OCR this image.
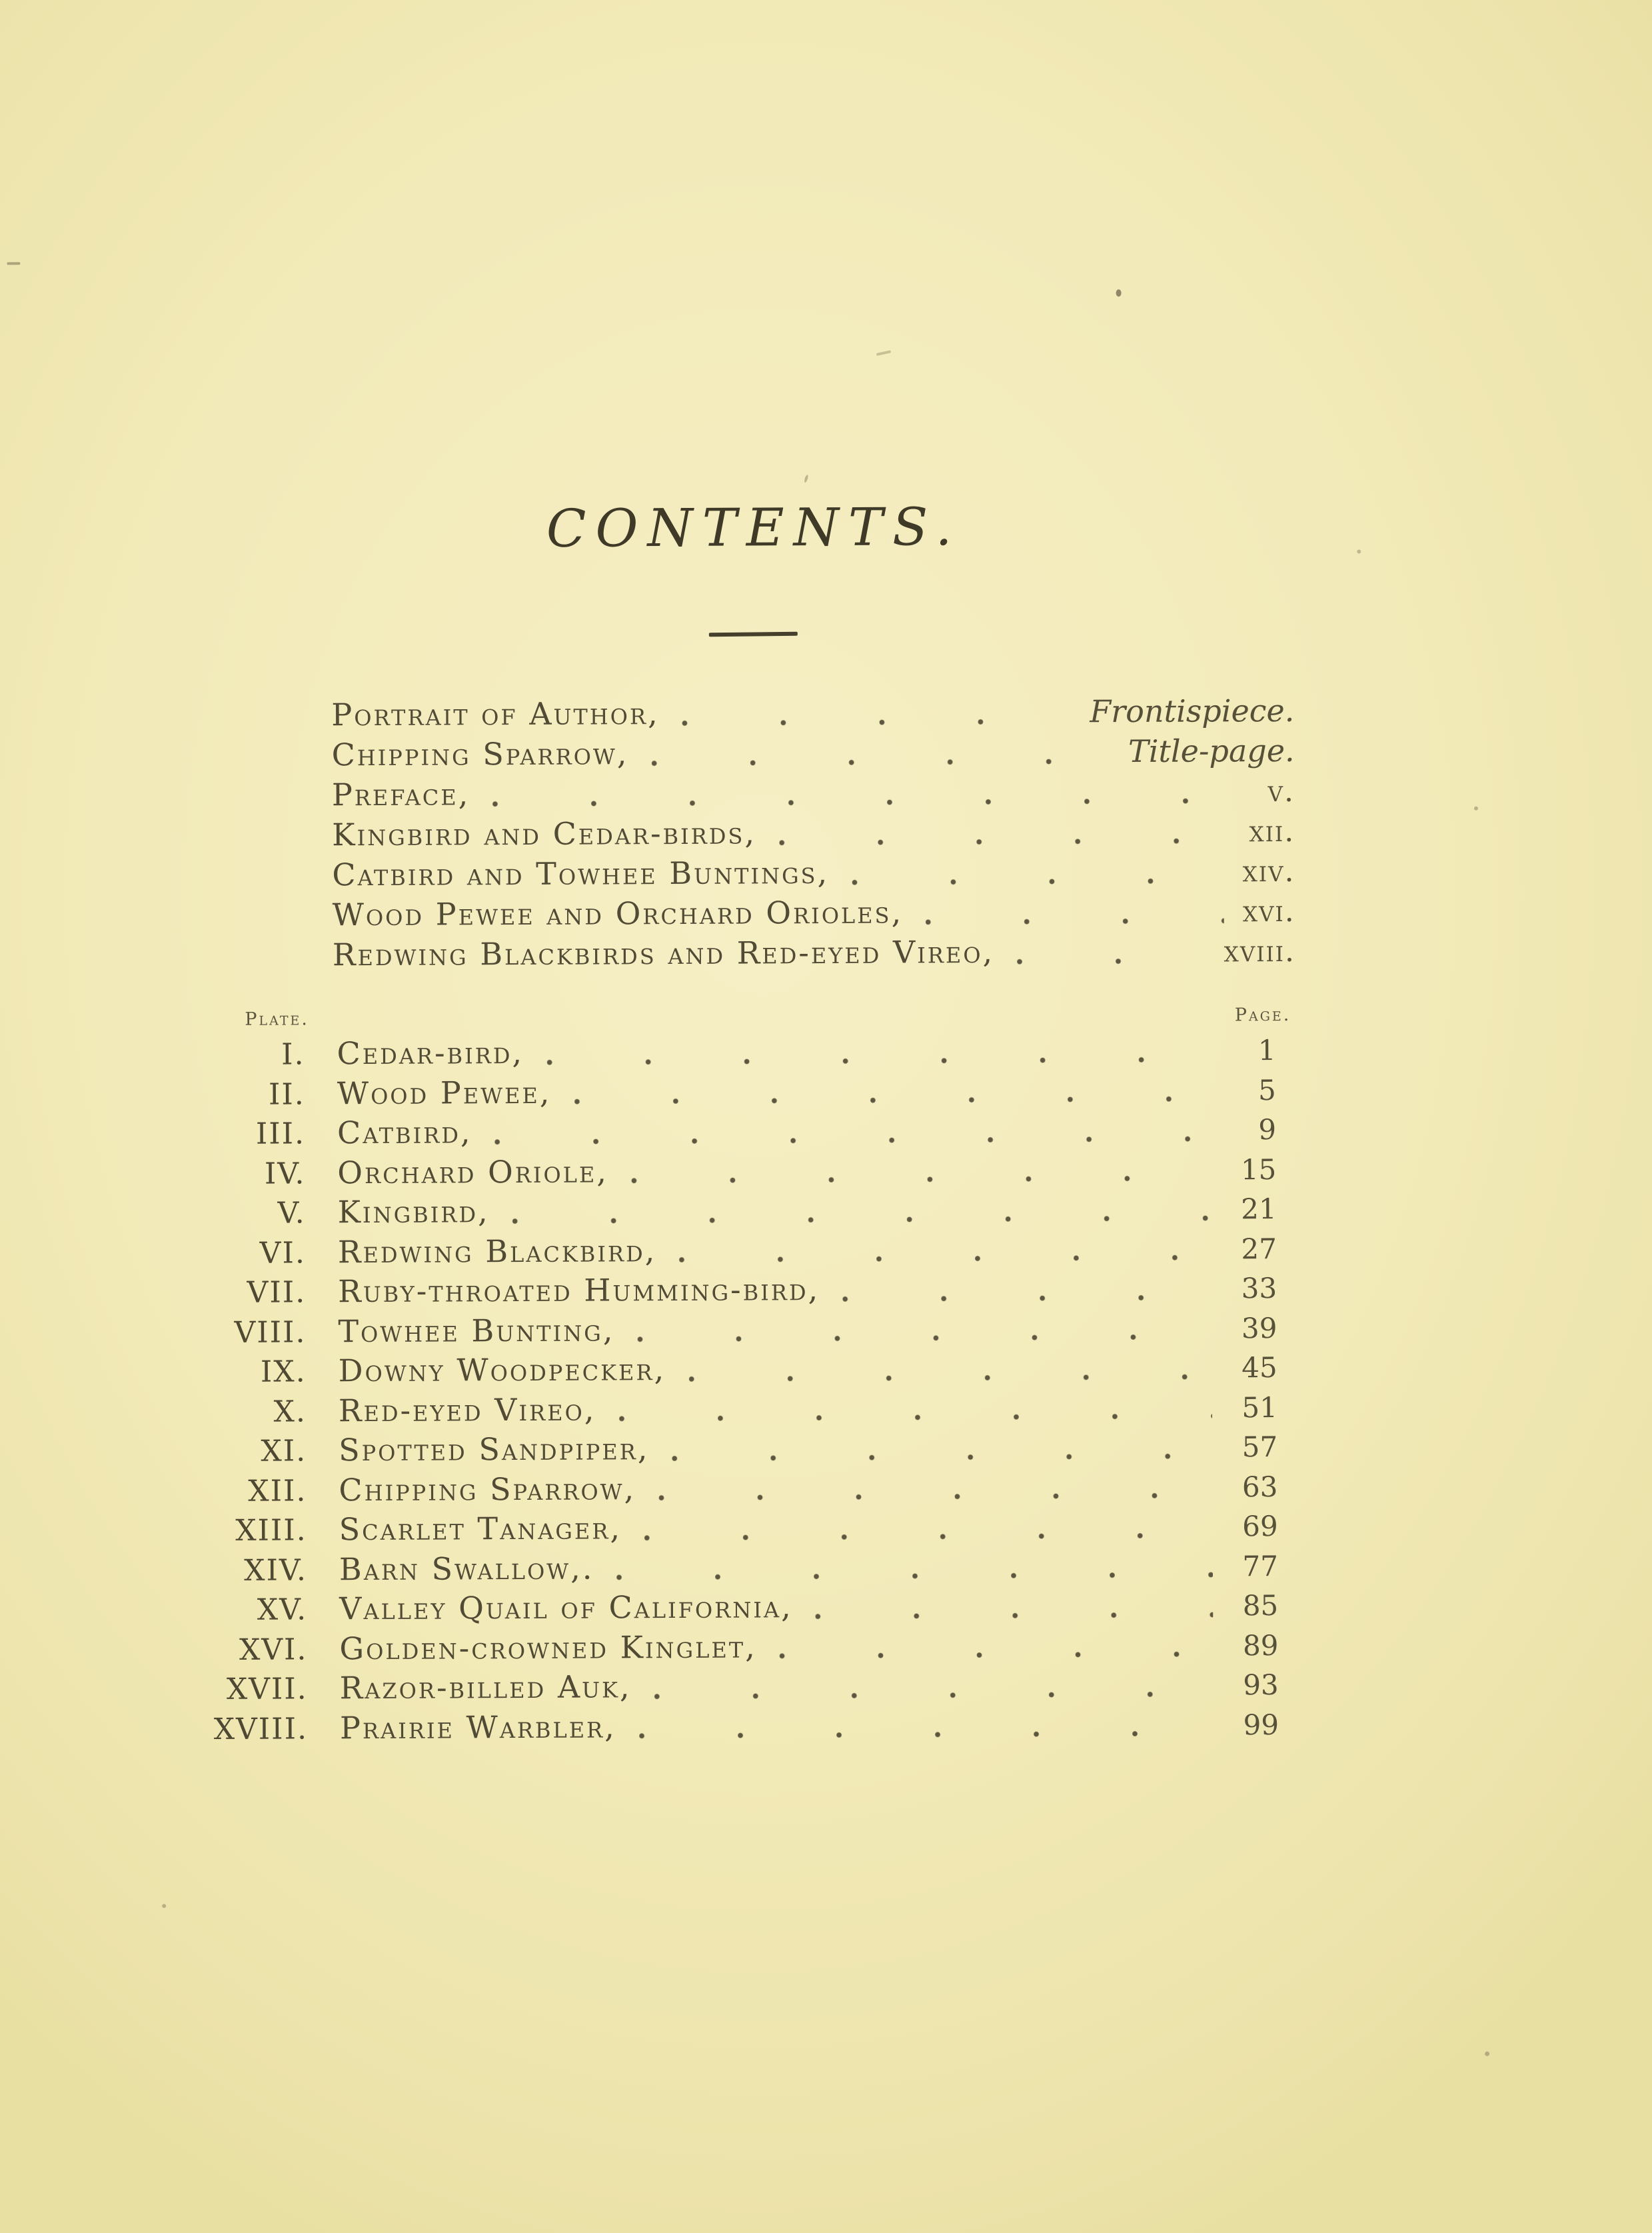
CONTENTS.
Portrait of Author,	Frontispiece.
Chipping Sparrow,	Title-page.
Preface,	v.
Kingbird and Cedar-birds,	xii.
Catbird and Towhee Buntings,	xiv.
Wood Pewee and Orchard Orioles,	xvi.
Redwing Blackbirds and Red-eyed Vireo,	xviii.
Plate.	Page.
I. Cedar-bird,	1
II. Wood Pewee,	5
III. Catbird,	9
IV. Orchard Oriole,	15
V. Kingbird,	21
VI. Redwing Blackbird,	27
VII. Ruby-throated Humming-bird,	33
VIII. Towhee Bunting,	39
IX. Downy Woodpecker,	45
X. Red-eyed Vireo,	51
XI. Spotted Sandpiper,	57
XII. Chipping Sparrow,	63
XIII. Scarlet Tanager,	69
XIV. Barn Swallow,.	77
XV. Valley Quail of California,	85
XVI. Golden-crowned Kinglet,	89
XVII. Razor-billed Auk,	93
XVIII. Prairie Warbler,	99
